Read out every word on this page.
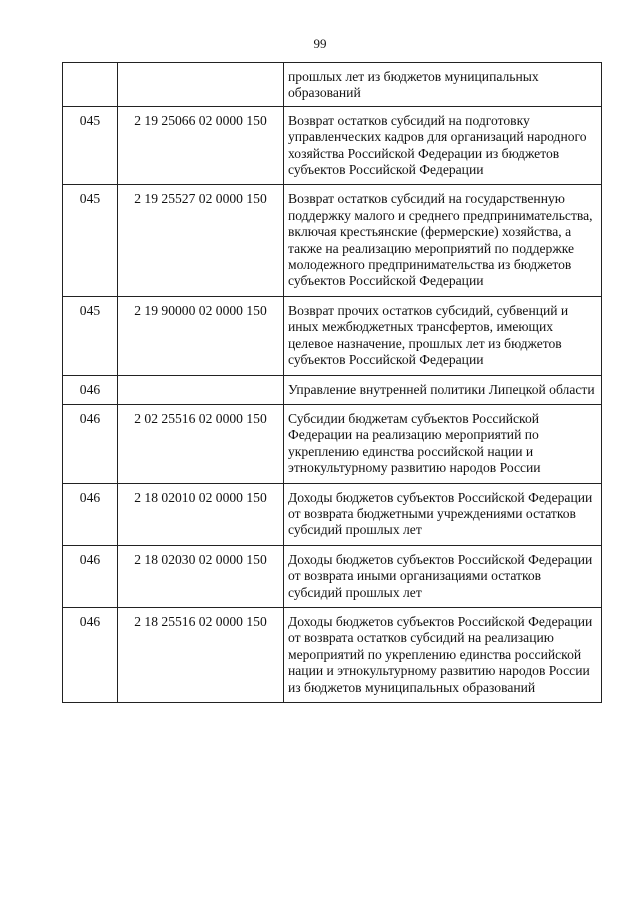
99
		прошлых лет из бюджетов муниципальных образований
045	2 19 25066 02 0000 150	Возврат остатков субсидий на подготовку управленческих кадров для организаций народного хозяйства Российской Федерации из бюджетов субъектов Российской Федерации
045	2 19 25527 02 0000 150	Возврат остатков субсидий на государственную поддержку малого и среднего предпринимательства, включая крестьянские (фермерские) хозяйства, а также на реализацию мероприятий по поддержке молодежного предпринимательства из бюджетов субъектов Российской Федерации
045	2 19 90000 02 0000 150	Возврат прочих остатков субсидий, субвенций и иных межбюджетных трансфертов, имеющих целевое назначение, прошлых лет из бюджетов субъектов Российской Федерации
046		Управление внутренней политики Липецкой области
046	2 02 25516 02 0000 150	Субсидии бюджетам субъектов Российской Федерации на реализацию мероприятий по укреплению единства российской нации и этнокультурному развитию народов России
046	2 18 02010 02 0000 150	Доходы бюджетов субъектов Российской Федерации от возврата бюджетными учреждениями остатков субсидий прошлых лет
046	2 18 02030 02 0000 150	Доходы бюджетов субъектов Российской Федерации от возврата иными организациями остатков субсидий прошлых лет
046	2 18 25516 02 0000 150	Доходы бюджетов субъектов Российской Федерации от возврата остатков субсидий на реализацию мероприятий по укреплению единства российской нации и этнокультурному развитию народов России из бюджетов муниципальных образований
